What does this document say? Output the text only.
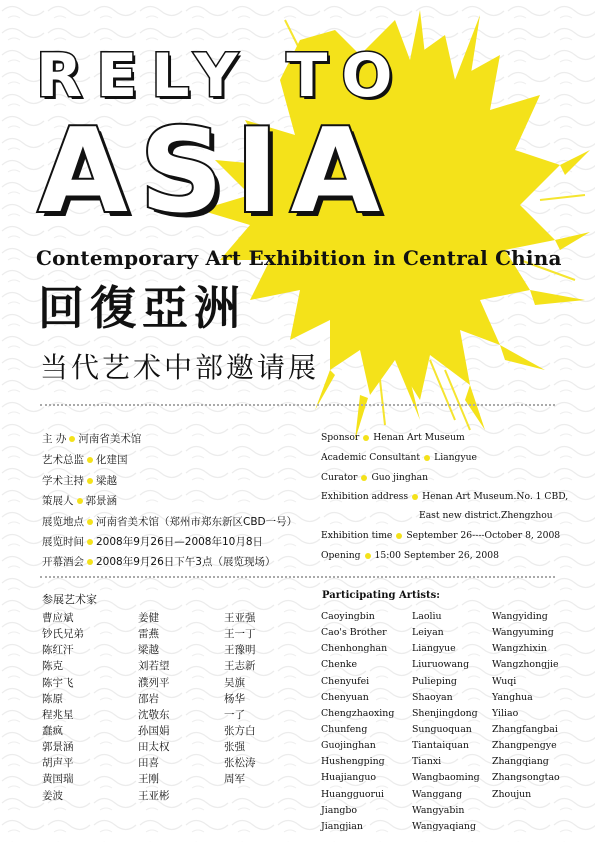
RELY TO
ASIA
Contemporary Art Exhibition in Central China
回復亞洲
当代艺术中部邀请展
主 办 河南省美术馆
艺术总监 化建国
学术主持 梁越
策展人 郭景涵
展览地点 河南省美术馆（郑州市郑东新区CBD一号）
展览时间 2008年9月26日—2008年10月8日
开幕酒会 2008年9月26日下午3点（展览现场）
Sponsor Henan Art Museum
Academic Consultant Liangyue
Curator Guo jinghan
Exhibition address Henan Art Museum.No. 1 CBD,
East new district.Zhengzhou
Exhibition time September 26----October 8, 2008
Opening 15:00 September 26, 2008
参展艺术家	Participating Artists:
曹应斌
钞氏兄弟
陈红汗
陈克
陈宇飞
陈原
程兆星
蠢疯
郭景涵
胡声平
黄国瑞
姜波
姜健
雷燕
梁越
刘若望
濮列平
邵岩
沈敬东
孙国娟
田太权
田喜
王刚
王亚彬
王亚强
王一丁
王豫明
王志新
吴旗
杨华
一了
张方白
张强
张松涛
周军
Caoyingbin
Cao's Brother
Chenhonghan
Chenke
Chenyufei
Chenyuan
Chengzhaoxing
Chunfeng
Guojinghan
Hushengping
Huajianguo
Huangguorui
Jiangbo
Jiangjian
Laoliu
Leiyan
Liangyue
Liuruowang
Pulieping
Shaoyan
Shenjingdong
Sunguoquan
Tiantaiquan
Tianxi
Wangbaoming
Wanggang
Wangyabin
Wangyaqiang
Wangyiding
Wangyuming
Wangzhixin
Wangzhongjie
Wuqi
Yanghua
Yiliao
Zhangfangbai
Zhangpengye
Zhangqiang
Zhangsongtao
Zhoujun
